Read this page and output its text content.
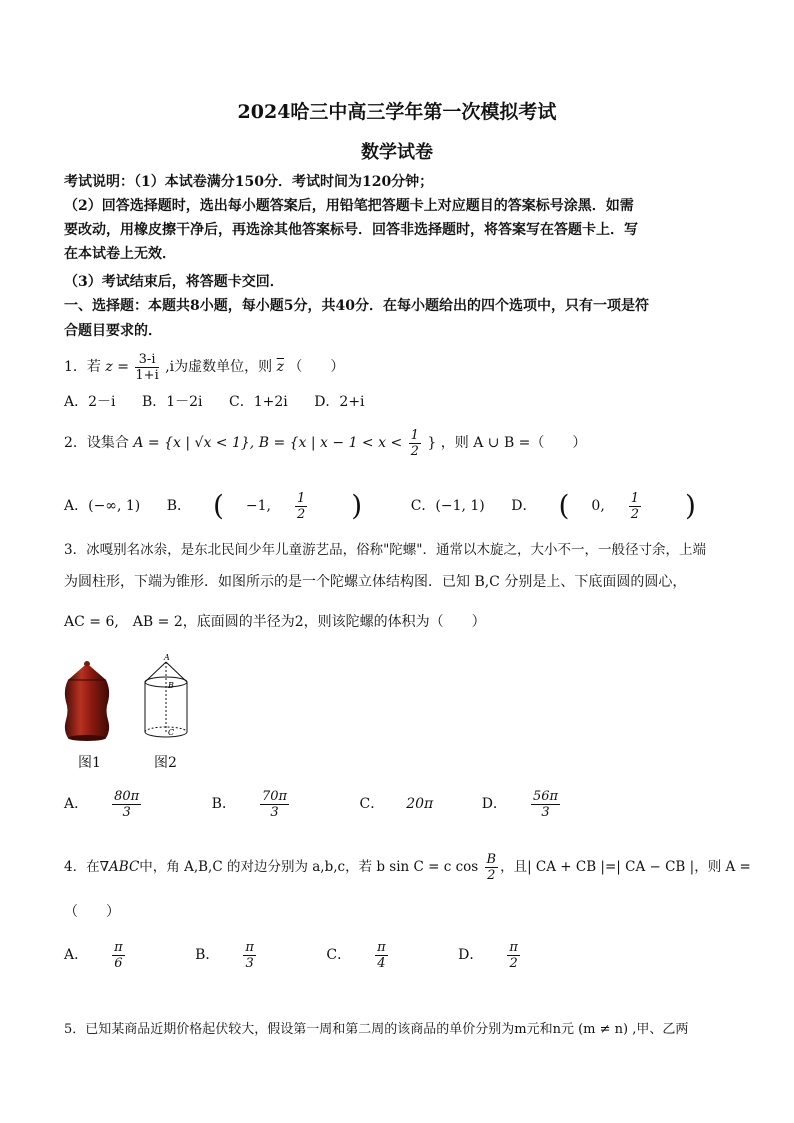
2024哈三中高三学年第一次模拟考试
数学试卷
考试说明：（1）本试卷满分150分．考试时间为120分钟；
（2）回答选择题时，选出每小题答案后，用铅笔把答题卡上对应题目的答案标号涂黑．如需
要改动，用橡皮擦干净后，再选涂其他答案标号．回答非选择题时，将答案写在答题卡上．写
在本试卷上无效．
（3）考试结束后，将答题卡交回．
一、选择题：本题共8小题，每小题5分，共40分．在每小题给出的四个选项中，只有一项是符
合题目要求的．
1．若 $z = \frac{3-i}{1+i} ,i$为虚数单位，则 $\overline{z}$ （　　）
A．2－i B．1－2i C．1+2i D．2+i
2．设集合 A = {x | √x < 1}, B = {x | $x - 1 < x < \frac{1}{2}$ } ，则 A ∪ B =（　　）
A．(−∞, 1) B． ( −1, $\frac{1}{2}$ )	C．(−1, 1) D． ( 0, $\frac{1}{2}$ )
3．冰嘎别名冰尜，是东北民间少年儿童游艺品，俗称"陀螺"．通常以木旋之，大小不一，一般径寸余，上端
为圆柱形，下端为锥形．如图所示的是一个陀螺立体结构图．已知 B,C 分别是上、下底面圆的圆心，
AC = 6,　AB = 2，底面圆的半径为2，则该陀螺的体积为（　　）
图1
A
B
C
图2
A． $\frac{80\pi}{3}$	B． $\frac{70\pi}{3}$	C． 20π	D． $\frac{56\pi}{3}$
4．在∇ABC中，角 A,B,C 的对边分别为 a,b,c，若 b sin C = c $\cos \frac{B}{2}$ ，且| CA + CB |=| CA − CB |，则 A =
（　　）
A． $\frac{\pi}{6}$	B． $\frac{\pi}{3}$	C． $\frac{\pi}{4}$	D． $\frac{\pi}{2}$
5．已知某商品近期价格起伏较大，假设第一周和第二周的该商品的单价分别为m元和n元 (m ≠ n) ,甲、乙两
